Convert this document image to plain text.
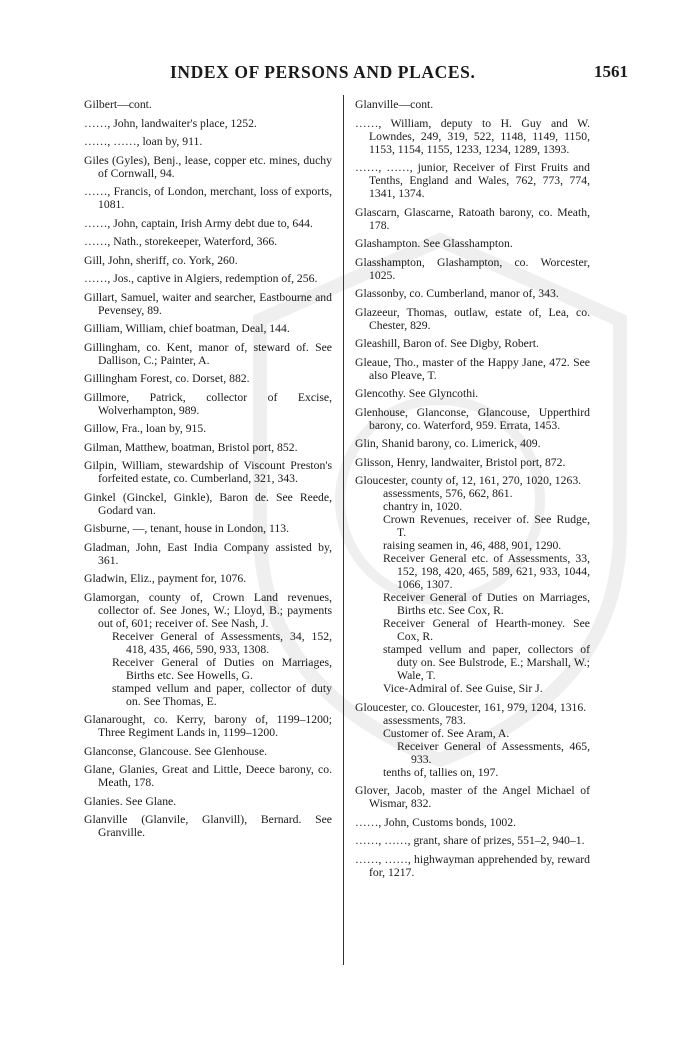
INDEX OF PERSONS AND PLACES.	1561
Gilbert—cont.
……, John, landwaiter's place, 1252.
……, ……, loan by, 911.
Giles (Gyles), Benj., lease, copper etc. mines, duchy of Cornwall, 94.
……, Francis, of London, merchant, loss of exports, 1081.
……, John, captain, Irish Army debt due to, 644.
……, Nath., storekeeper, Waterford, 366.
Gill, John, sheriff, co. York, 260.
……, Jos., captive in Algiers, redemption of, 256.
Gillart, Samuel, waiter and searcher, Eastbourne and Pevensey, 89.
Gilliam, William, chief boatman, Deal, 144.
Gillingham, co. Kent, manor of, steward of. See Dallison, C.; Painter, A.
Gillingham Forest, co. Dorset, 882.
Gillmore, Patrick, collector of Excise, Wolverhampton, 989.
Gillow, Fra., loan by, 915.
Gilman, Matthew, boatman, Bristol port, 852.
Gilpin, William, stewardship of Viscount Preston's forfeited estate, co. Cumberland, 321, 343.
Ginkel (Ginckel, Ginkle), Baron de. See Reede, Godard van.
Gisburne, —, tenant, house in London, 113.
Gladman, John, East India Company assisted by, 361.
Gladwin, Eliz., payment for, 1076.
Glamorgan, county of, Crown Land revenues, collector of. See Jones, W.; Lloyd, B.; payments out of, 601; receiver of. See Nash, J.
Receiver General of Assessments, 34, 152, 418, 435, 466, 590, 933, 1308.
Receiver General of Duties on Marriages, Births etc. See Howells, G.
stamped vellum and paper, collector of duty on. See Thomas, E.
Glanarought, co. Kerry, barony of, 1199–1200; Three Regiment Lands in, 1199–1200.
Glanconse, Glancouse. See Glenhouse.
Glane, Glanies, Great and Little, Deece barony, co. Meath, 178.
Glanies. See Glane.
Glanville (Glanvile, Glanvill), Bernard. See Granville.
Glanville—cont.
……, William, deputy to H. Guy and W. Lowndes, 249, 319, 522, 1148, 1149, 1150, 1153, 1154, 1155, 1233, 1234, 1289, 1393.
……, ……, junior, Receiver of First Fruits and Tenths, England and Wales, 762, 773, 774, 1341, 1374.
Glascarn, Glascarne, Ratoath barony, co. Meath, 178.
Glashampton. See Glasshampton.
Glasshampton, Glashampton, co. Worcester, 1025.
Glassonby, co. Cumberland, manor of, 343.
Glazeeur, Thomas, outlaw, estate of, Lea, co. Chester, 829.
Gleashill, Baron of. See Digby, Robert.
Gleaue, Tho., master of the Happy Jane, 472. See also Pleave, T.
Glencothy. See Glyncothi.
Glenhouse, Glanconse, Glancouse, Upperthird barony, co. Waterford, 959. Errata, 1453.
Glin, Shanid barony, co. Limerick, 409.
Glisson, Henry, landwaiter, Bristol port, 872.
Gloucester, county of, 12, 161, 270, 1020, 1263.
assessments, 576, 662, 861.
chantry in, 1020.
Crown Revenues, receiver of. See Rudge, T.
raising seamen in, 46, 488, 901, 1290.
Receiver General etc. of Assessments, 33, 152, 198, 420, 465, 589, 621, 933, 1044, 1066, 1307.
Receiver General of Duties on Marriages, Births etc. See Cox, R.
Receiver General of Hearth-money. See Cox, R.
stamped vellum and paper, collectors of duty on. See Bulstrode, E.; Marshall, W.; Wale, T.
Vice-Admiral of. See Guise, Sir J.
Gloucester, co. Gloucester, 161, 979, 1204, 1316.
assessments, 783.
Customer of. See Aram, A.
Receiver General of Assessments, 465, 933.
tenths of, tallies on, 197.
Glover, Jacob, master of the Angel Michael of Wismar, 832.
……, John, Customs bonds, 1002.
……, ……, grant, share of prizes, 551–2, 940–1.
……, ……, highwayman apprehended by, reward for, 1217.
